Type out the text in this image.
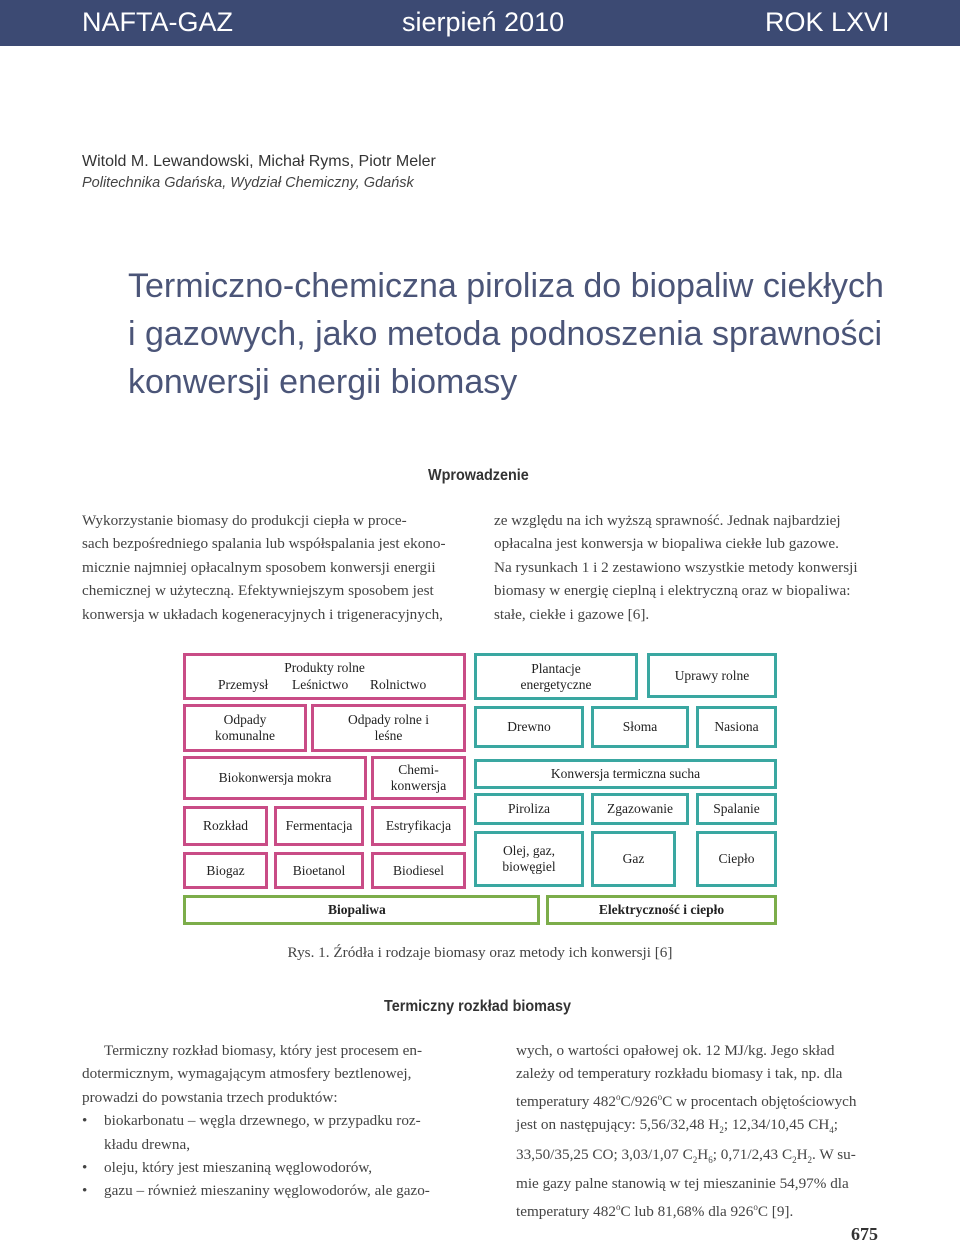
NAFTA-GAZ	sierpień 2010	ROK LXVI
Witold M. Lewandowski, Michał Ryms, Piotr Meler
Politechnika Gdańska, Wydział Chemiczny, Gdańsk
Termiczno-chemiczna piroliza do biopaliw ciekłych
i gazowych, jako metoda podnoszenia sprawności
konwersji energii biomasy
Wprowadzenie
Wykorzystanie biomasy do produkcji ciepła w proce-
sach bezpośredniego spalania lub współspalania jest ekono-
micznie najmniej opłacalnym sposobem konwersji energii
chemicznej w użyteczną. Efektywniejszym sposobem jest
konwersja w układach kogeneracyjnych i trigeneracyjnych,
ze względu na ich wyższą sprawność. Jednak najbardziej
opłacalna jest konwersja w biopaliwa ciekłe lub gazowe.
Na rysunkach 1 i 2 zestawiono wszystkie metody konwersji
biomasy w energię cieplną i elektryczną oraz w biopaliwa:
stałe, ciekłe i gazowe [6].
Produkty rolne
Przemysł Leśnictwo Rolnictwo
Plantacje energetyczne
Uprawy rolne
Odpady komunalne
Odpady rolne i leśne
Drewno	Słoma	Nasiona
Biokonwersja mokra
Chemi- konwersja
Konwersja termiczna sucha
Piroliza	Zgazowanie	Spalanie
Rozkład	Fermentacja	Estryfikacja
Olej, gaz, biowęgiel
Gaz	Ciepło
Biogaz	Bioetanol	Biodiesel
Biopaliwa	Elektryczność i ciepło
Rys. 1. Źródła i rodzaje biomasy oraz metody ich konwersji [6]
Termiczny rozkład biomasy
Termiczny rozkład biomasy, który jest procesem en-
dotermicznym, wymagającym atmosfery beztlenowej,
prowadzi do powstania trzech produktów:
• biokarbonatu – węgla drzewnego, w przypadku roz-
kładu drewna,
• oleju, który jest mieszaniną węglowodorów,
• gazu – również mieszaniny węglowodorów, ale gazo-
wych, o wartości opałowej ok. 12 MJ/kg. Jego skład
zależy od temperatury rozkładu biomasy i tak, np. dla
temperatury 482$^o$C/926$^o$C w procentach objętościowych
jest on następujący: 5,56/32,48 $H_2$; 12,34/10,45 $CH_4$;
33,50/35,25 CO; 3,03/1,07 $C_2H_6$; 0,71/2,43 $C_2H_2$. W su-
mie gazy palne stanowią w tej mieszaninie 54,97% dla
temperatury 482$^o$C lub 81,68% dla 926$^o$C [9].
675
